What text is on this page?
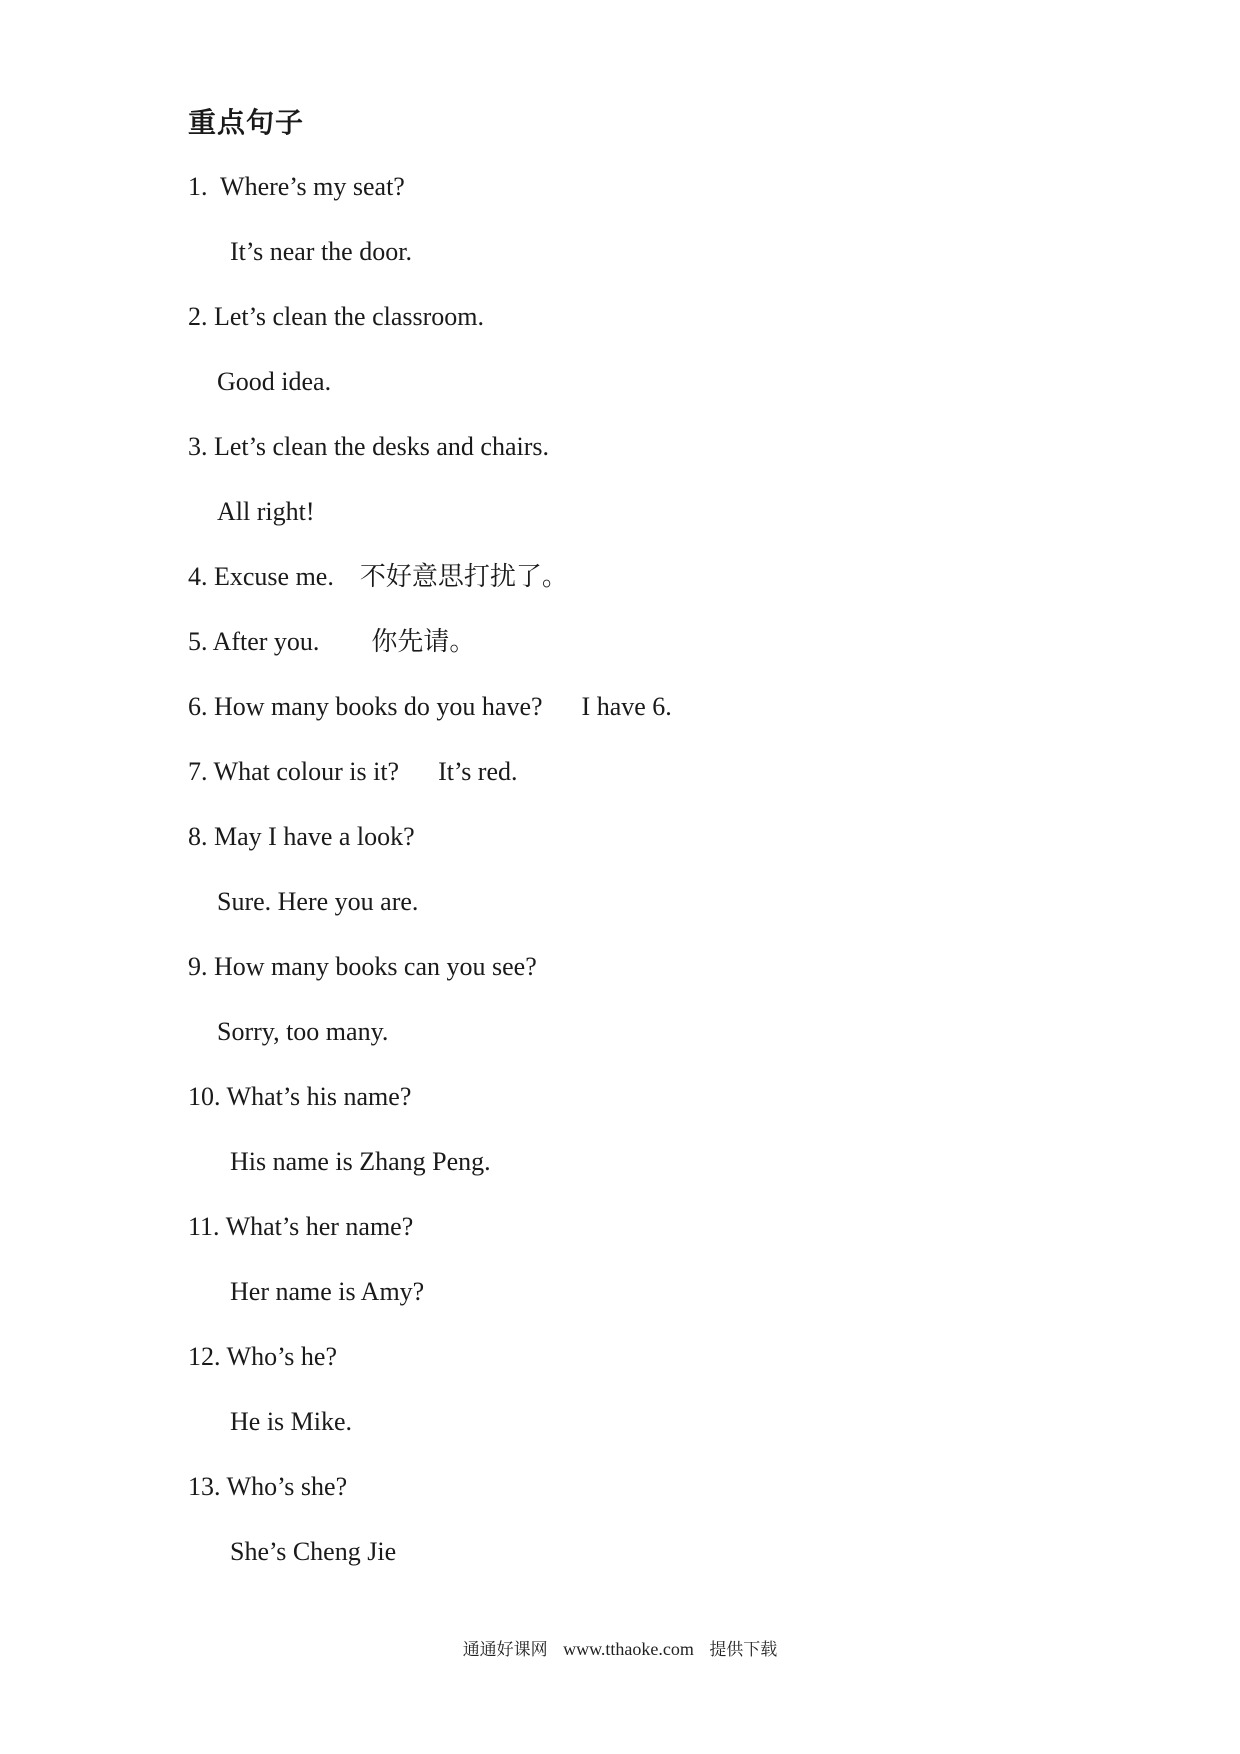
重点句子
1.  Where’s my seat?
It’s near the door.
2. Let’s clean the classroom.
Good idea.
3. Let’s clean the desks and chairs.
All right!
4. Excuse me.    不好意思打扰了。
5. After you.        你先请。
6. How many books do you have?      I have 6.
7. What colour is it?      It’s red.
8. May I have a look?
Sure. Here you are.
9. How many books can you see?
Sorry, too many.
10. What’s his name?
His name is Zhang Peng.
11. What’s her name?
Her name is Amy?
12. Who’s he?
He is Mike.
13. Who’s she?
She’s Cheng Jie
通通好课网 www.tthaoke.com 提供下载
